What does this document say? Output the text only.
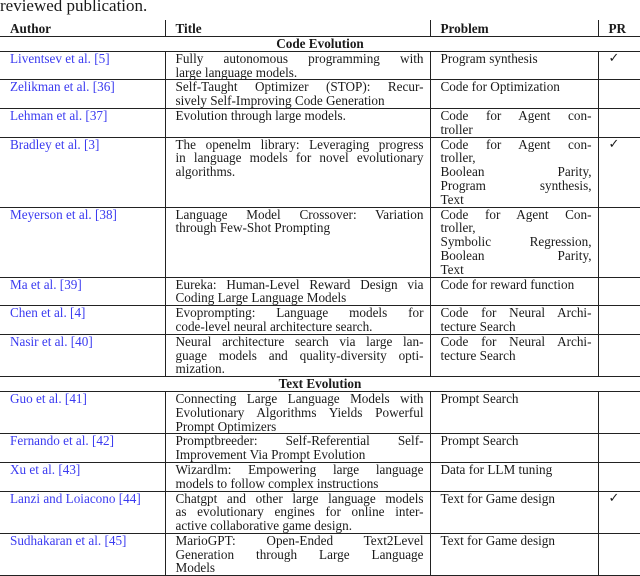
reviewed publication.
Author	Title	Problem	PR
Code Evolution			
Liventsev et al. [5]	Fully autonomous programming with
large language models.	Program synthesis	✓
Zelikman et al. [36]	Self-Taught Optimizer (STOP): Recur-
sively Self-Improving Code Generation	Code for Optimization	

Lehman et al. [37]	Evolution through large models.	Code for Agent con-
troller	

Bradley et al. [3]	The openelm library: Leveraging progress
in language models for novel evolutionary
algorithms.	Code for Agent con-
troller,
Boolean Parity,
Program synthesis,
Text	✓
Meyerson et al. [38]	Language Model Crossover: Variation
through Few-Shot Prompting	Code for Agent Con-
troller,
Symbolic Regression,
Boolean Parity,
Text	

Ma et al. [39]	Eureka: Human-Level Reward Design via
Coding Large Language Models	Code for reward function	

Chen et al. [4]	Evoprompting: Language models for
code-level neural architecture search.	Code for Neural Archi-
tecture Search	

Nasir et al. [40]	Neural architecture search via large lan-
guage models and quality-diversity opti-
mization.	Code for Neural Archi-
tecture Search	

Text Evolution			
Guo et al. [41]	Connecting Large Language Models with
Evolutionary Algorithms Yields Powerful
Prompt Optimizers	Prompt Search	

Fernando et al. [42]	Promptbreeder: Self-Referential Self-
Improvement Via Prompt Evolution	Prompt Search	

Xu et al. [43]	Wizardlm: Empowering large language
models to follow complex instructions	Data for LLM tuning	

Lanzi and Loiacono [44]	Chatgpt and other large language models
as evolutionary engines for online inter-
active collaborative game design.	Text for Game design	✓
Sudhakaran et al. [45]	MarioGPT: Open-Ended Text2Level
Generation through Large Language
Models	Text for Game design	
